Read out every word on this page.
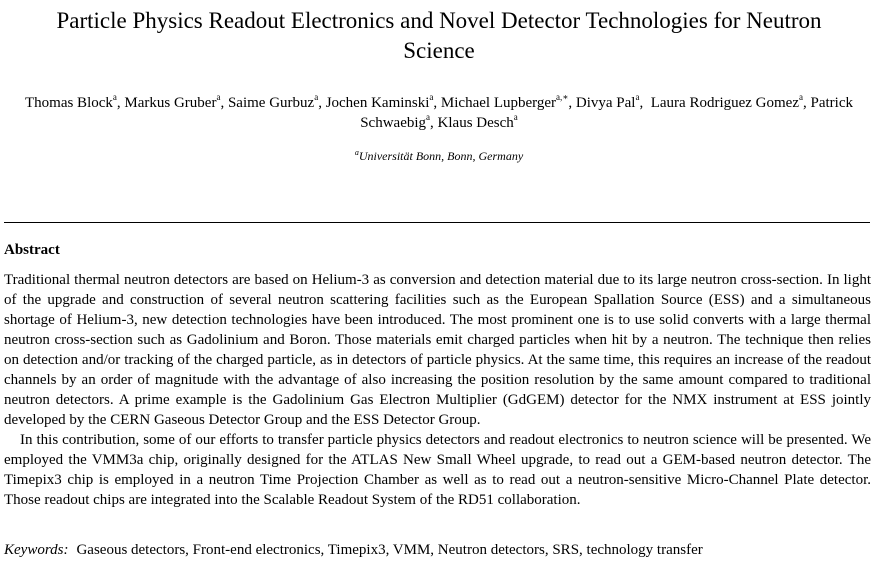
Particle Physics Readout Electronics and Novel Detector Technologies for Neutron Science
Thomas Block$^a$, Markus Gruber$^a$, Saime Gurbuz$^a$, Jochen Kaminski$^a$, Michael Lupberger$^{a,∗}$, Divya Pal$^a$,  Laura Rodriguez Gomez$^a$, Patrick Schwaebig$^a$, Klaus Desch$^a$
$^a$Universität Bonn, Bonn, Germany
Abstract

Traditional thermal neutron detectors are based on Helium-3 as conversion and detection material due to its large neutron cross-section. In light of the upgrade and construction of several neutron scattering facilities such as the European Spallation Source (ESS) and a simultaneous shortage of Helium-3, new detection technologies have been introduced. The most prominent one is to use solid converts with a large thermal neutron cross-section such as Gadolinium and Boron. Those materials emit charged particles when hit by a neutron. The technique then relies on detection and/or tracking of the charged particle, as in detectors of particle physics. At the same time, this requires an increase of the readout channels by an order of magnitude with the advantage of also increasing the position resolution by the same amount compared to traditional neutron detectors. A prime example is the Gadolinium Gas Electron Multiplier (GdGEM) detector for the NMX instrument at ESS jointly developed by the CERN Gaseous Detector Group and the ESS Detector Group.

In this contribution, some of our efforts to transfer particle physics detectors and readout electronics to neutron science will be presented. We employed the VMM3a chip, originally designed for the ATLAS New Small Wheel upgrade, to read out a GEM-based neutron detector. The Timepix3 chip is employed in a neutron Time Projection Chamber as well as to read out a neutron-sensitive Micro-Channel Plate detector. Those readout chips are integrated into the Scalable Readout System of the RD51 collaboration.

Keywords: Gaseous detectors, Front-end electronics, Timepix3, VMM, Neutron detectors, SRS, technology transfer
